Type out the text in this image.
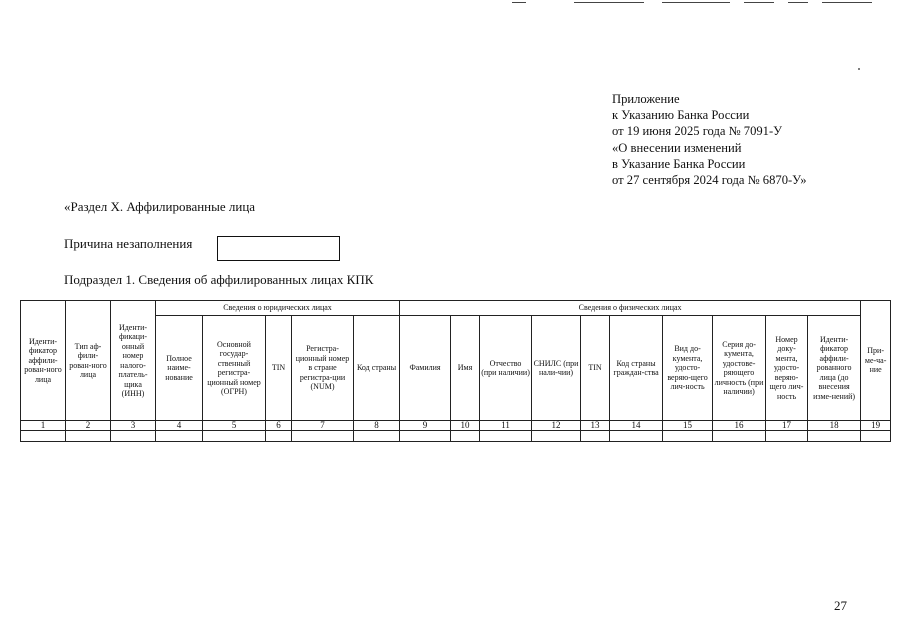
Приложение
к Указанию Банка России
от 19 июня 2025 года № 7091-У
«О внесении изменений
в Указание Банка России
от 27 сентября 2024 года № 6870-У»
«Раздел X. Аффилированные лица
Причина незаполнения
Подраздел 1. Сведения об аффилированных лицах КПК
Иденти-фикатор аффили-рован-ного лица	Тип аф-фили-рован-ного лица	Иденти-фикаци-онный номер налого-платель-щика (ИНН)	Сведения о юридических лицах					Сведения о физических лицах										При-ме-ча-ние
			Полное наиме-нование	Основной государ-ственный регистра-ционный номер (ОГРН)	TIN	Регистра-ционный номер в стране регистра-ции (NUM)	Код страны	Фамилия	Имя	Отчество (при наличии)	СНИЛС (при нали-чии)	TIN	Код страны граждан-ства	Вид до-кумента, удосто-веряю-щего лич-ность	Серия до-кумента, удостове-ряющего личность (при наличии)	Номер доку-мента, удосто-веряю-щего лич-ность	Иденти-фикатор аффили-рованного лица (до внесения изме-нений)	
1	2	3	4	5	6	7	8	9	10	11	12	13	14	15	16	17	18	19

27
